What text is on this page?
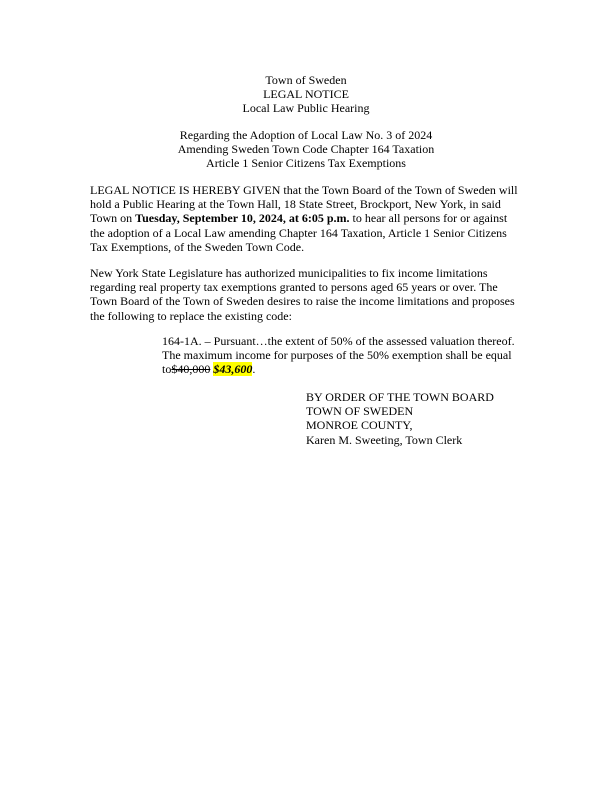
Town of Sweden
LEGAL NOTICE
Local Law Public Hearing
Regarding the Adoption of Local Law No. 3 of 2024
Amending Sweden Town Code Chapter 164 Taxation
Article 1 Senior Citizens Tax Exemptions
LEGAL NOTICE IS HEREBY GIVEN that the Town Board of the Town of Sweden will
hold a Public Hearing at the Town Hall, 18 State Street, Brockport, New York, in said
Town on Tuesday, September 10, 2024, at 6:05 p.m. to hear all persons for or against
the adoption of a Local Law amending Chapter 164 Taxation, Article 1 Senior Citizens
Tax Exemptions, of the Sweden Town Code.
New York State Legislature has authorized municipalities to fix income limitations
regarding real property tax exemptions granted to persons aged 65 years or over. The
Town Board of the Town of Sweden desires to raise the income limitations and proposes
the following to replace the existing code:
164-1A. – Pursuant…the extent of 50% of the assessed valuation thereof.
The maximum income for purposes of the 50% exemption shall be equal
to$40,000 $43,600.
BY ORDER OF THE TOWN BOARD
TOWN OF SWEDEN
MONROE COUNTY,
Karen M. Sweeting, Town Clerk
